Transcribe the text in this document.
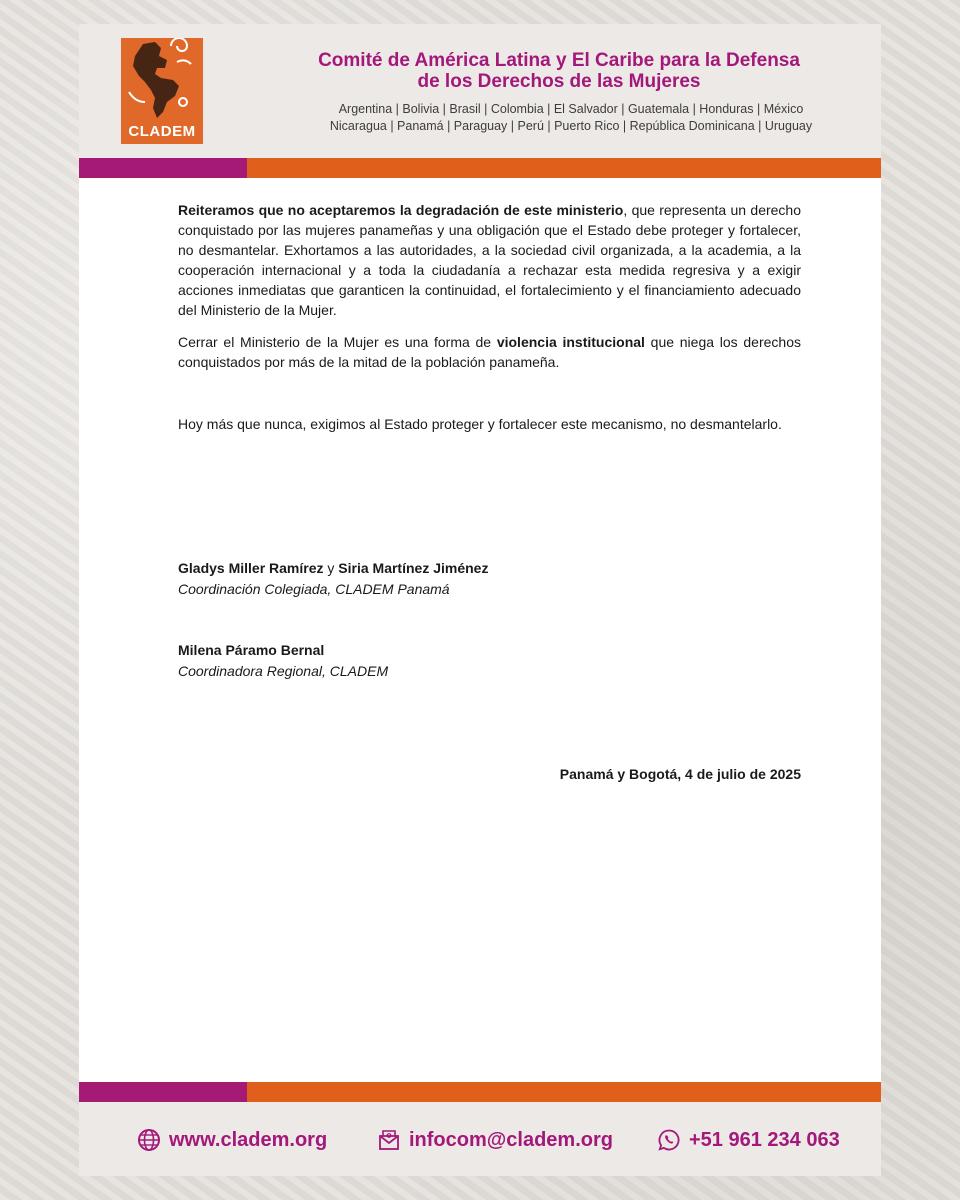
CLADEM
Comité de América Latina y El Caribe para la Defensa
de los Derechos de las Mujeres
Argentina | Bolivia | Brasil | Colombia | El Salvador | Guatemala | Honduras | México
Nicaragua | Panamá | Paraguay | Perú | Puerto Rico | República Dominicana | Uruguay

Reiteramos que no aceptaremos la degradación de este ministerio, que representa un derecho conquistado por las mujeres panameñas y una obligación que el Estado debe proteger y fortalecer, no desmantelar. Exhortamos a las autoridades, a la sociedad civil organizada, a la academia, a la cooperación internacional y a toda la ciudadanía a rechazar esta medida regresiva y a exigir acciones inmediatas que garanticen la continuidad, el fortalecimiento y el financiamiento adecuado del Ministerio de la Mujer.

Cerrar el Ministerio de la Mujer es una forma de violencia institucional que niega los derechos conquistados por más de la mitad de la población panameña.

Hoy más que nunca, exigimos al Estado proteger y fortalecer este mecanismo, no desmantelarlo.

Gladys Miller Ramírez y Siria Martínez Jiménez
Coordinación Colegiada, CLADEM Panamá
Milena Páramo Bernal
Coordinadora Regional, CLADEM
Panamá y Bogotá, 4 de julio de 2025
www.cladem.org	infocom@cladem.org	+51 961 234 063
